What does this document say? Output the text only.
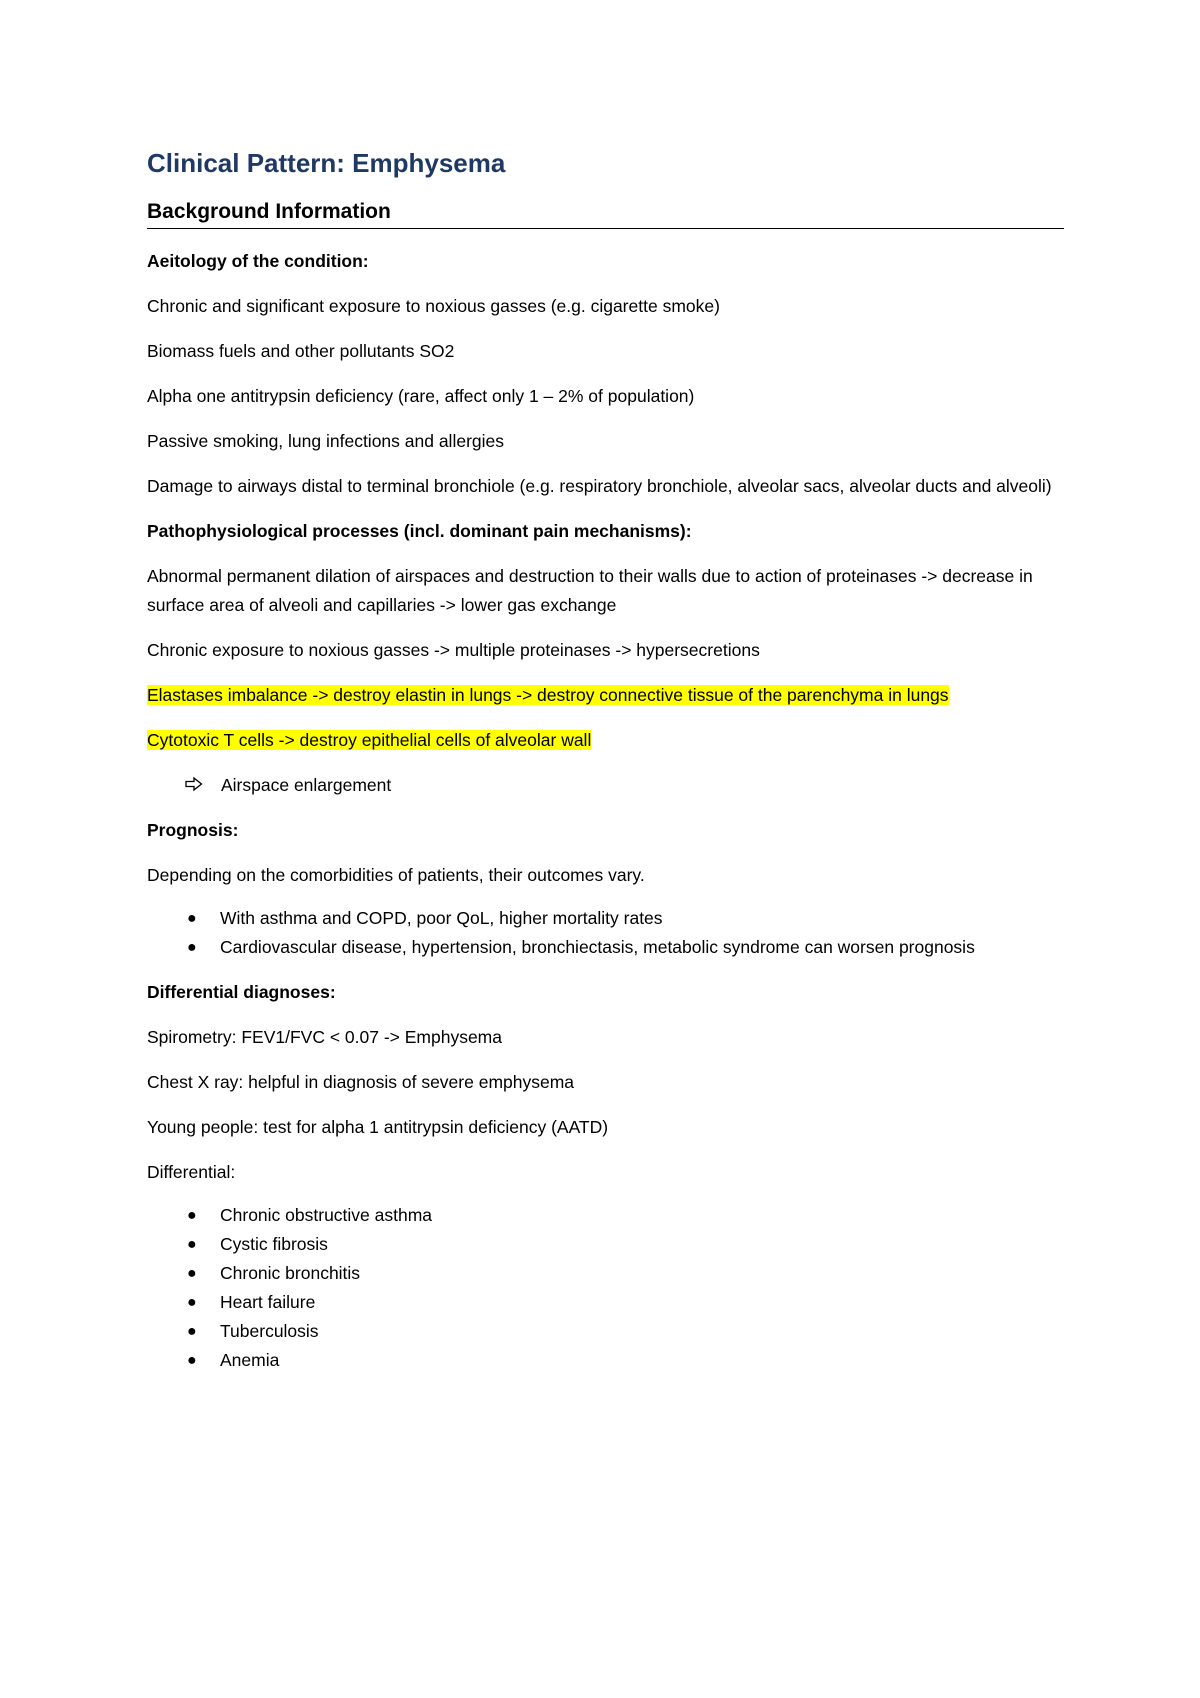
Clinical Pattern: Emphysema
Background Information

Aeitology of the condition:

Chronic and significant exposure to noxious gasses (e.g. cigarette smoke)

Biomass fuels and other pollutants SO2

Alpha one antitrypsin deficiency (rare, affect only 1 – 2% of population)

Passive smoking, lung infections and allergies

Damage to airways distal to terminal bronchiole (e.g. respiratory bronchiole, alveolar sacs, alveolar ducts and alveoli)

Pathophysiological processes (incl. dominant pain mechanisms):

Abnormal permanent dilation of airspaces and destruction to their walls due to action of proteinases -> decrease in surface area of alveoli and capillaries -> lower gas exchange

Chronic exposure to noxious gasses -> multiple proteinases -> hypersecretions

Elastases imbalance -> destroy elastin in lungs -> destroy connective tissue of the parenchyma in lungs

Cytotoxic T cells -> destroy epithelial cells of alveolar wall

Airspace enlargement

Prognosis:

Depending on the comorbidities of patients, their outcomes vary.

● With asthma and COPD, poor QoL, higher mortality rates
● Cardiovascular disease, hypertension, bronchiectasis, metabolic syndrome can worsen prognosis

Differential diagnoses:

Spirometry: FEV1/FVC < 0.07 -> Emphysema

Chest X ray: helpful in diagnosis of severe emphysema

Young people: test for alpha 1 antitrypsin deficiency (AATD)

Differential:

● Chronic obstructive asthma
● Cystic fibrosis
● Chronic bronchitis
● Heart failure
● Tuberculosis
● Anemia
